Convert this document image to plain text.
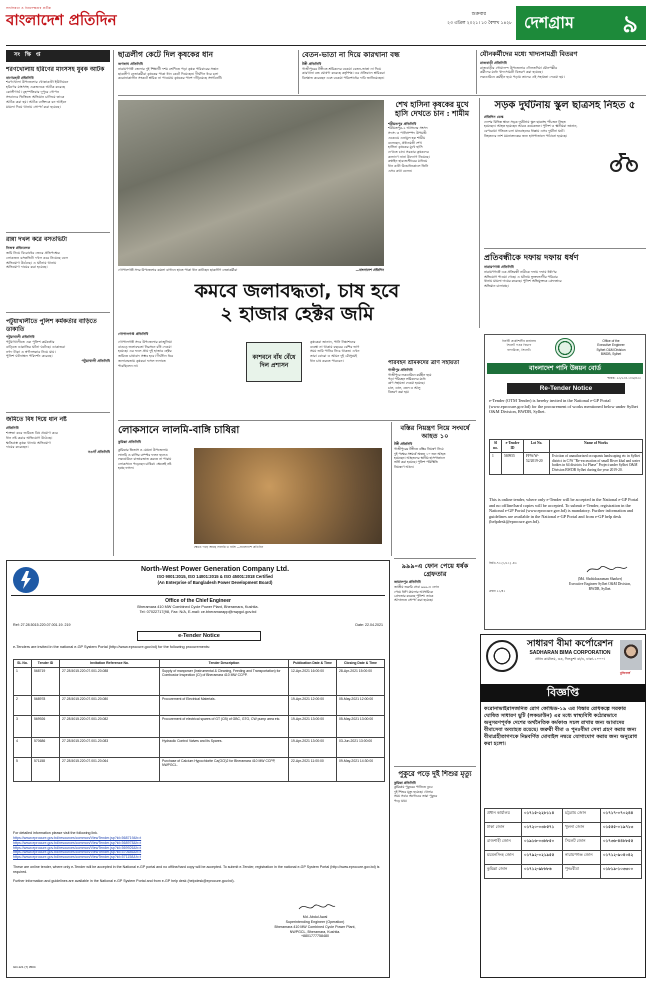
সাহসিকতা ও নিরপেক্ষতার প্রতীক
বাংলাদেশ প্রতিদিন	শুক্রবার
২৩ এপ্রিল ২০২১। ১০ বৈশাখ ১৪২৮ দেশগ্রাম ৯
সং ক্ষি প্ত
শরণখোলায় হরিণের মাংসসহ যুবক আটক
বাগেরহাট প্রতিনিধি
শরণখোলা উপজেলার খোন্তাকাটা ইউনিয়নে
হরিণের মাংসসহ একজনকে আটক করেছে
কোস্টগার্ড। বৃহস্পতিবার দুপুরে গোপন
সংবাদের ভিত্তিতে অভিযান চালিয়ে তাকে
আটক করা হয়। আটক ব্যক্তিকে বন আইনে
মামলা দিয়ে থানায় সোপর্দ করা হয়েছে।
রান্না দখল করে বসতভিটা
নিজস্ব প্রতিবেদক
জমি নিয়ে বিরোধের জেরে প্রতিপক্ষের
লোকজন বসতভিটা দখল করে নিয়েছে বলে
অভিযোগ উঠেছে। এ ঘটনায় থানায়
অভিযোগ দায়ের করা হয়েছে।
পটুয়াখালীতে পুলিশ কর্মকর্তার বাড়িতে ডাকাতি
পটুয়াখালী প্রতিনিধি
পটুয়াখালীতে এক পুলিশ কর্মকর্তার
বাড়িতে ডাকাতির ঘটনা ঘটেছে। ডাকাতরা
নগদ টাকা ও স্বর্ণালংকার নিয়ে যায়।
পুলিশ ঘটনাস্থল পরিদর্শন করেছে।
পটুয়াখালী প্রতিনিধি
জমিতে বিষ দিয়ে ধান নষ্ট
প্রতিনিধি
শত্রুতা করে জমিতে বিষ প্রয়োগ করে
ধান নষ্ট করার অভিযোগ উঠেছে।
ক্ষতিগ্রস্ত কৃষক থানায় অভিযোগ
দায়ের করেছেন।
নওগাঁ প্রতিনিধি
ছাত্রলীগ কেটে দিল কৃষকের ধান
জগন্নাথ প্রতিনিধি
নারায়ণগঞ্জ জেলার দুই শিক্ষার্থী দশম শ্রেণিতে পড়া কৃষক পরিবারের সন্তান
ছাত্রলীগ নেতাকর্মীরা কৃষকের পাকা ধান কেটে দিয়েছেন। দীর্ঘদিন ধরে চলা
করোনাকালীন সংকটে শ্রমিক না পাওয়ায় কৃষকের পাশে দাঁড়িয়েছে সংগঠনটি।
বেতন-ভাতা না দিয়ে কারখানা বন্ধ
টঙ্গী প্রতিনিধি
গাজীপুরের টঙ্গীতে শ্রমিকদের বকেয়া বেতন-ভাতা না দিয়ে
কারখানা বন্ধ ঘোষণা করেছে কর্তৃপক্ষ। এর প্রতিবাদে শ্রমিকরা
বিক্ষোভ করেছেন এবং বকেয়া পরিশোধের দাবি জানিয়েছেন।
যৌনকর্মীদের মধ্যে খাদ্যসামগ্রী বিতরণ
রাজবাড়ী প্রতিনিধি
রাজবাড়ীর গোয়ালন্দ উপজেলার দৌলতদিয়া যৌনপল্লীর
কর্মীদের মধ্যে খাদ্যসামগ্রী বিতরণ করা হয়েছে।
লকডাউনে কর্মহীন হয়ে পড়ায় তাদের এই সহায়তা দেওয়া হয়।
গোপালগঞ্জ সদর উপজেলার কমলা বাগানে হাতে পাকা ধান কাটছেন ছাত্রলীগ নেতাকর্মীরা	—বাংলাদেশ প্রতিদিন
শেখ হাসিনা কৃষকের মুখে হাসি দেখতে চান : শামীম
শরীয়তপুর প্রতিনিধি
শরীয়তপুর-২ আসনের সংসদ
সদস্য ও পানিসম্পদ উপমন্ত্রী
একেএম এনামুল হক শামীম
বলেছেন, প্রধানমন্ত্রী শেখ
হাসিনা কৃষকের মুখে হাসি
দেখতে চান। সরকার কৃষকদের
কল্যাণে নানা উদ্যোগ নিয়েছে।
কম্বাইন হারভেস্টারের মাধ্যমে
ধান কাটা উদ্বোধনকালে তিনি
এসব কথা বলেন।
সড়ক দুর্ঘটনায় স্কুল ছাত্রসহ নিহত ৫
প্রতিদিন ডেস্ক
দেশের বিভিন্ন স্থানে সড়ক দুর্ঘটনায় স্কুল ছাত্রসহ পাঁচজন নিহত
হয়েছেন। আহত হয়েছেন আরও কয়েকজন। পুলিশ ও স্থানীয়রা জানান,
বেপরোয়া গতিতে চলা যানবাহনের ধাক্কায় এসব দুর্ঘটনা ঘটে।
নিহতদের লাশ ময়নাতদন্তের জন্য হাসপাতালে পাঠানো হয়েছে।
প্রতিবন্ধীকে দফায় দফায় ধর্ষণ
নারায়ণগঞ্জ প্রতিনিধি
নারায়ণগঞ্জে এক প্রতিবন্ধী নারীকে দফায় দফায় ধর্ষণের
অভিযোগ পাওয়া গেছে। এ ঘটনায় ভুক্তভোগীর পরিবার
থানায় মামলা দায়ের করেছে। পুলিশ অভিযুক্তকে গ্রেফতারে
অভিযান চালাচ্ছে।
কমবে জলাবদ্ধতা, চাষ হবে
২ হাজার হেক্টর জমি
গোপালগঞ্জ প্রতিনিধি
গোপালগঞ্জ সদর উপজেলার কাজুলিয়া
বাওড়ে জলাবদ্ধতা নিরসনে বাঁধ দেওয়া
হয়েছে। এর ফলে প্রায় দুই হাজার হেক্টর
জমিতে চাষাবাদ সম্ভব হবে। দীর্ঘদিন ধরে
জলাবদ্ধতায় কৃষকরা ফসল ফলাতে
পারছিলেন না।
কাশবনে বাঁধ বেঁধে দিল প্রশাসন
কৃষকেরা জানান, পানি নিষ্কাশনের
ব্যবস্থা না থাকায় বছরের বেশির ভাগ
সময় জমি পানির নিচে থাকত। এখন
তারা বোরো ও আমন দুই মৌসুমেই
ধান চাষ করতে পারবেন।	পরিবহন শ্রমিকদের ত্রাণ সহায়তা
গাজীপুর প্রতিনিধি
গাজীপুরে লকডাউনে কর্মহীন হয়ে
পড়া পরিবহন শ্রমিকদের মধ্যে
ত্রাণ সহায়তা দেওয়া হয়েছে।
চাল, ডাল, তেল ও আলু
বিতরণ করা হয়।
লোকসানে লালমি-বাঙ্গি চাষিরা
কুমিল্লা প্রতিনিধি
কুমিল্লার তিতাস ও মেঘনা উপজেলায়
লালমি ও বাঙ্গির বাম্পার ফলন হলেও
লকডাউনে বাজারজাত করতে না পারায়
লোকসানে পড়েছেন চাষিরা। ক্ষেতেই নষ্ট
হচ্ছে ফসল।
ক্ষেতে পড়ে আছে লালমি ও বাঙ্গি —বাংলাদেশ প্রতিদিন
বস্তির নিয়ন্ত্রণ নিয়ে সংঘর্ষে আহত ১০
টঙ্গী প্রতিনিধি
গাজীপুরের টঙ্গীতে বস্তির নিয়ন্ত্রণ নিয়ে
দুই পক্ষের সংঘর্ষে অন্তত ১০ জন আহত
হয়েছেন। আহতদের স্থানীয় হাসপাতালে
ভর্তি করা হয়েছে। পুলিশ পরিস্থিতি
নিয়ন্ত্রণে আনে।
৯৯৯-এ ফোন পেয়ে ধর্ষক গ্রেফতার
জামালপুর প্রতিনিধি
জাতীয় জরুরি সেবা ৯৯৯-এ ফোন
পেয়ে ধর্ষণ মামলার আসামিকে
গ্রেফতার করেছে পুলিশ। তাকে
আদালতে সোপর্দ করা হয়েছে।
পুকুরে পড়ে দুই শিশুর মৃত্যু
কুমিল্লা প্রতিনিধি
কুমিল্লায় পুকুরের পানিতে ডুবে
দুই শিশুর মৃত্যু হয়েছে। খেলার
সময় সবার অগোচরে তারা পুকুরে
পড়ে যায়।
North-West Power Generation Company Ltd.
ISO 9001:2015, ISO 14001:2015 & ISO 45001:2018 Certified
(An Enterprise of Bangladesh Power Development Board)
Office of the Chief Engineer
Bheramara 410 MW Combined Cycle Power Plant, Bheramara, Kushtia.
Tel: 07022717(98, Fax: N/A, E-mail: ce.bheramarapp@nwpgcl.gov.bd
Ref: 27.28.5015.220.07.001.19. 219	Date: 22.04.2021
e-Tender Notice
e-Tenders are invited in the national e-GP System Portal (http://www.eprocure.gov.bd) for the following procurements:
SL No.	Tender ID	Invitation Reference No.	Tender Description	Publication Date & Time	Closing Date & Time
1	568719	27.28.5015.220.07.001.20.088	Supply of manpower (Instrumental & Cleaning, Feeding and Transportation) for Combustor Inspection (CI) of Bheramara 410 MW CCPP.	12-Apr-2021 16:00:00	28-Apr-2021 15:00:00
2	568978	27.28.5015.220.07.001.20.080	Procurement of Electrical Materials.	19-Apr-2021 12:00:00	05-May-2021 12:00:00
3	569926	27.28.5015.220.07.001.20.082	Procurement of electrical spares of GT (CB) of GBC, GTG, CW pump area etc.	19-Apr-2021 13:00:00	05-May-2021 13:00:00
4	570686	27.28.5015.220.07.001.20.083	Hydraulic Control Valves and its Spares.	19-Apr-2021 13:00:00	03-Jun-2021 13:00:00
5	571158	27.28.5015.220.07.001.20.064	Purchase of Calcium Hypochlorite Ca(OCl)2 for Bheramara 410 MW CCPP, NWPGCL.	22-Apr-2021 11:00:00	09-May-2021 14:30:00
For detailed information please visit the following link.
https://www.eprocure.gov.bd/resources/common/ViewTender.jsp?id=568719&h=t
https://www.eprocure.gov.bd/resources/common/ViewTender.jsp?id=568978&h=t
https://www.eprocure.gov.bd/resources/common/ViewTender.jsp?id=569926&h=t
https://www.eprocure.gov.bd/resources/common/ViewTender.jsp?id=570686&h=t
https://www.eprocure.gov.bd/resources/common/ViewTender.jsp?id=571158&h=t
These are online tender, where only e-Tender will be accepted in the National e-GP portal and no offline/hard copy will be accepted. To submit e-Tender, registration in the national e-GP System Portal (http://www.eprocure.gov.bd) is required.
Further information and guidelines are available in the National e-GP System Portal and from e-GP help desk (helpdesk@eprocure.gov.bd).
Md. Abdul Awal
Superintending Engineer (Operation)
Bheramara 410 MW Combined Cycle Power Plant,
NWPGCL, Bheramara, Kushtia.
+8801777758480
GD-121 (7) 3504
নির্বাহী প্রকৌশলীর কার্যালয়
সিলেট পওর বিভাগ
বাপাউবো, সিলেট।
Office of the
Executive Engineer
Sylhet O&M Division
BWDB, Sylhet
বাংলাদেশ পানি উন্নয়ন বোর্ড
স্মারক: ২৩/২৩৪-১৮৬/৪৩৩
Re-Tender Notice
e-Tender (OTM Tender) is hereby invited in the National e-GP Portal (www.eprocure.gov.bd) for the procurement of works mentioned below under Sylhet O&M Division, BWDB, Sylhet.
Sl no.	e-Tender ID	Lot No.	Name of Works
1	569955	FFW/W-52/2019-20	Eviction of unauthorized occupants landscaping etc in Sylhet district in C/W "Re-excavation of small River khal and water bodies in 64 districts 1st Phase" Project under Sylhet O&M Division BWDB Sylhet during the year 2019-20.
This is online tender, where only e-Tender will be accepted in the National e-GP Portal and no offline/hard copies will be accepted. To submit e-Tender, registration in the National e-GP Portal (www.eprocure.gov.bd) is mandatory. Further information and guidelines are available in the National e-GP Portal and from e-GP help desk (helpdesk@eprocure.gov.bd).
জিডি-৭৩ (১/২১) -৪৩
(Md. Shohiduzzaman Sharker)
Executive Engineer Sylhet O&M Division,
BWDB, Sylhet.
গ্রন্থনা ২১/৪১
সাধারণ বীমা কর্পোরেশন
SADHARAN BIMA CORPORATION
প্রধান কার্যালয়, ৩৩, দিলকুশা বা/এ, ঢাকা-১০০০।
মুজিববর্ষ
বিজ্ঞপ্তি
করোনাভাইরাসজনিত রোগ কোভিড-১৯ এর বিস্তার রোধকল্পে সরকার ঘোষিত সাধারণ ছুটি (লকডাউন) এর মধ্যে স্বাস্থ্যবিধি কঠোরভাবে অনুসরণপূর্বক দেশের অর্থনৈতিক কর্মকাণ্ড সচল রাখার জন্য আমাদের বীমাসেবা অব্যাহত রয়েছে। জরুরী বীমা ও পুনঃবীমা সেবা গ্রহণ করার জন্য বীমাগ্রহীতাগণকে নিম্নবর্ণিত মোবাইল নম্বরে যোগাযোগ করার জন্য অনুরোধ করা হলো।
প্রধান কার্যালয়	০১৭১৫-২২৮১১৪	চট্টগ্রাম জোন	০১৭১৭-০৭০২৪৪
ঢাকা জোন	০১৭২০-০৩৮৫৭১	খুলনা জোন	০১৫৫৫-০১৯৭১৩
রাজশাহী জোন	০১৯১৬-০৩৮৮৫০	সিলেট জোন	০১৭৩৬-৪৪৮৮৫৫
ময়মনসিংহ জোন	০১৭৯২-০২১৯৫৫	নারায়ণগঞ্জ জোন	০১৭১২-৯০৪০৪২
কুমিল্লা জোন	০১৭১২-৯৮৮৮৬	পুনঃবীমা	০১৮১৯-১০৩৩০০
